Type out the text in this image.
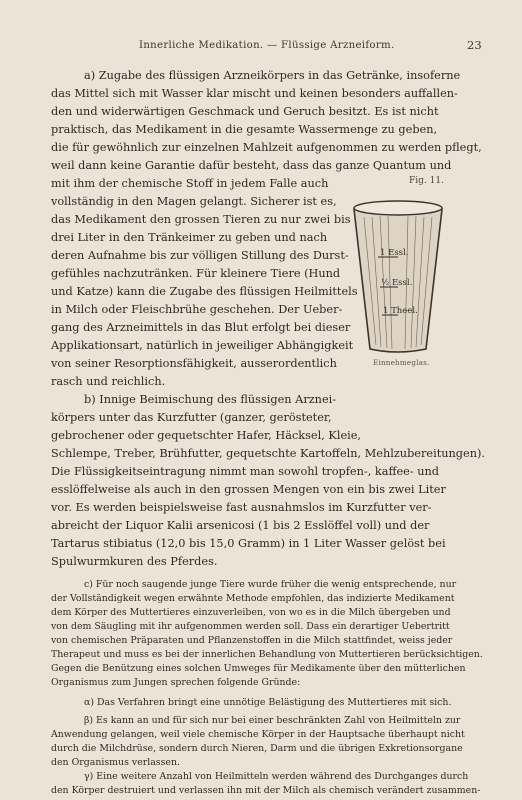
Innerliche Medikation. — Flüssige Arzneiform.	23

a) Zugabe des flüssigen Arzneikörpers in das Getränke, insoferne

das Mittel sich mit Wasser klar mischt und keinen besonders auffallen-

den und widerwärtigen Geschmack und Geruch besitzt. Es ist nicht

praktisch, das Medikament in die gesamte Wassermenge zu geben,

die für gewöhnlich zur einzelnen Mahlzeit aufgenommen zu werden pflegt,

weil dann keine Garantie dafür besteht, dass das ganze Quantum und

mit ihm der chemische Stoff in jedem Falle auch

vollständig in den Magen gelangt. Sicherer ist es,

das Medikament den grossen Tieren zu nur zwei bis

drei Liter in den Tränkeimer zu geben und nach

deren Aufnahme bis zur völligen Stillung des Durst-

gefühles nachzutränken. Für kleinere Tiere (Hund

und Katze) kann die Zugabe des flüssigen Heilmittels

in Milch oder Fleischbrühe geschehen. Der Ueber-

gang des Arzneimittels in das Blut erfolgt bei dieser

Applikationsart, natürlich in jeweiliger Abhängigkeit

von seiner Resorptionsfähigkeit, ausserordentlich

rasch und reichlich.

b) Innige Beimischung des flüssigen Arznei-

körpers unter das Kurzfutter (ganzer, gerösteter,

gebrochener oder gequetschter Hafer, Häcksel, Kleie,

Schlempe, Treber, Brühfutter, gequetschte Kartoffeln, Mehlzubereitungen).

Die Flüssigkeitseintragung nimmt man sowohl tropfen-, kaffee- und

esslöffelweise als auch in den grossen Mengen von ein bis zwei Liter

vor. Es werden beispielsweise fast ausnahmslos im Kurzfutter ver-

abreicht der Liquor Kalii arsenicosi (1 bis 2 Esslöffel voll) und der

Tartarus stibiatus (12,0 bis 15,0 Gramm) in 1 Liter Wasser gelöst bei

Spulwurmkuren des Pferdes.

c) Für noch saugende junge Tiere wurde früher die wenig entsprechende, nur

der Vollständigkeit wegen erwähnte Methode empfohlen, das indizierte Medikament

dem Körper des Muttertieres einzuverleiben, von wo es in die Milch übergeben und

von dem Säugling mit ihr aufgenommen werden soll. Dass ein derartiger Uebertritt

von chemischen Präparaten und Pflanzenstoffen in die Milch stattfindet, weiss jeder

Therapeut und muss es bei der innerlichen Behandlung von Muttertieren berücksichtigen.

Gegen die Benützung eines solchen Umweges für Medikamente über den mütterlichen

Organismus zum Jungen sprechen folgende Gründe:

α) Das Verfahren bringt eine unnötige Belästigung des Muttertieres mit sich.

β) Es kann an und für sich nur bei einer beschränkten Zahl von Heilmitteln zur

Anwendung gelangen, weil viele chemische Körper in der Hauptsache überhaupt nicht

durch die Milchdrüse, sondern durch Nieren, Darm und die übrigen Exkretionsorgane

den Organismus verlassen.

γ) Eine weitere Anzahl von Heilmitteln werden während des Durchganges durch

den Körper destruiert und verlassen ihn mit der Milch als chemisch verändert zusammen-

Fig. 11.
1 Essl.
½ Essl.
1 Theel.
Einnehmeglas.
